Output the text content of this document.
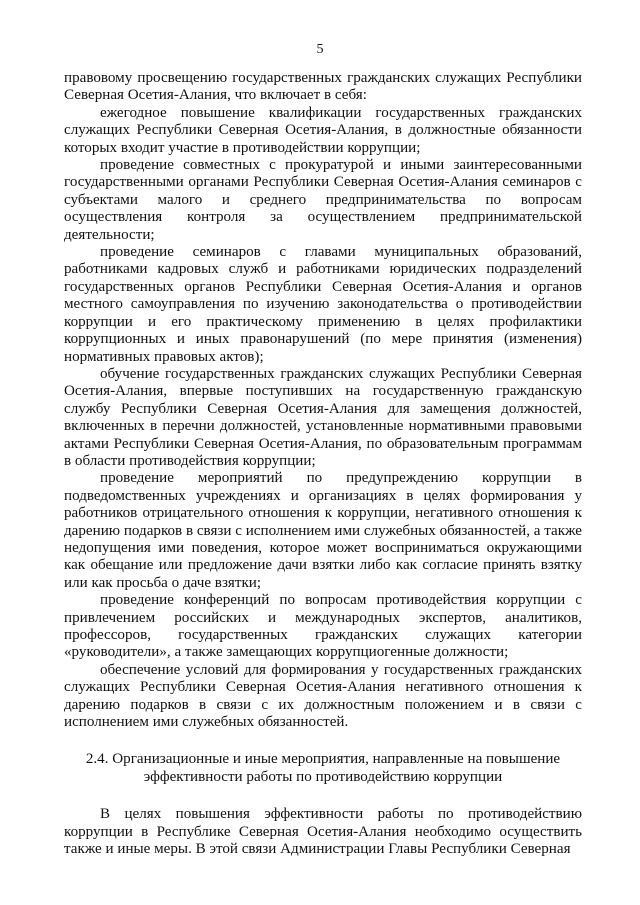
5

правовому просвещению государственных гражданских служащих Республики Северная Осетия-Алания, что включает в себя:

ежегодное повышение квалификации государственных гражданских служащих Республики Северная Осетия-Алания, в должностные обязанности которых входит участие в противодействии коррупции;

проведение совместных с прокуратурой и иными заинтересованными государственными органами Республики Северная Осетия-Алания семинаров с субъектами малого и среднего предпринимательства по вопросам осуществления контроля за осуществлением предпринимательской деятельности;

проведение семинаров с главами муниципальных образований, работниками кадровых служб и работниками юридических подразделений государственных органов Республики Северная Осетия-Алания и органов местного самоуправления по изучению законодательства о противодействии коррупции и его практическому применению в целях профилактики коррупционных и иных правонарушений (по мере принятия (изменения) нормативных правовых актов);

обучение государственных гражданских служащих Республики Северная Осетия-Алания, впервые поступивших на государственную гражданскую службу Республики Северная Осетия-Алания для замещения должностей, включенных в перечни должностей, установленные нормативными правовыми актами Республики Северная Осетия-Алания, по образовательным программам в области противодействия коррупции;

проведение мероприятий по предупреждению коррупции в подведомственных учреждениях и организациях в целях формирования у работников отрицательного отношения к коррупции, негативного отношения к дарению подарков в связи с исполнением ими служебных обязанностей, а также недопущения ими поведения, которое может восприниматься окружающими как обещание или предложение дачи взятки либо как согласие принять взятку или как просьба о даче взятки;

проведение конференций по вопросам противодействия коррупции с привлечением российских и международных экспертов, аналитиков, профессоров, государственных гражданских служащих категории «руководители», а также замещающих коррупциогенные должности;

обеспечение условий для формирования у государственных гражданских служащих Республики Северная Осетия-Алания негативного отношения к дарению подарков в связи с их должностным положением и в связи с исполнением ими служебных обязанностей.

2.4. Организационные и иные мероприятия, направленные на повышение

эффективности работы по противодействию коррупции

В целях повышения эффективности работы по противодействию коррупции в Республике Северная Осетия-Алания необходимо осуществить также и иные меры. В этой связи Администрации Главы Республики Северная
